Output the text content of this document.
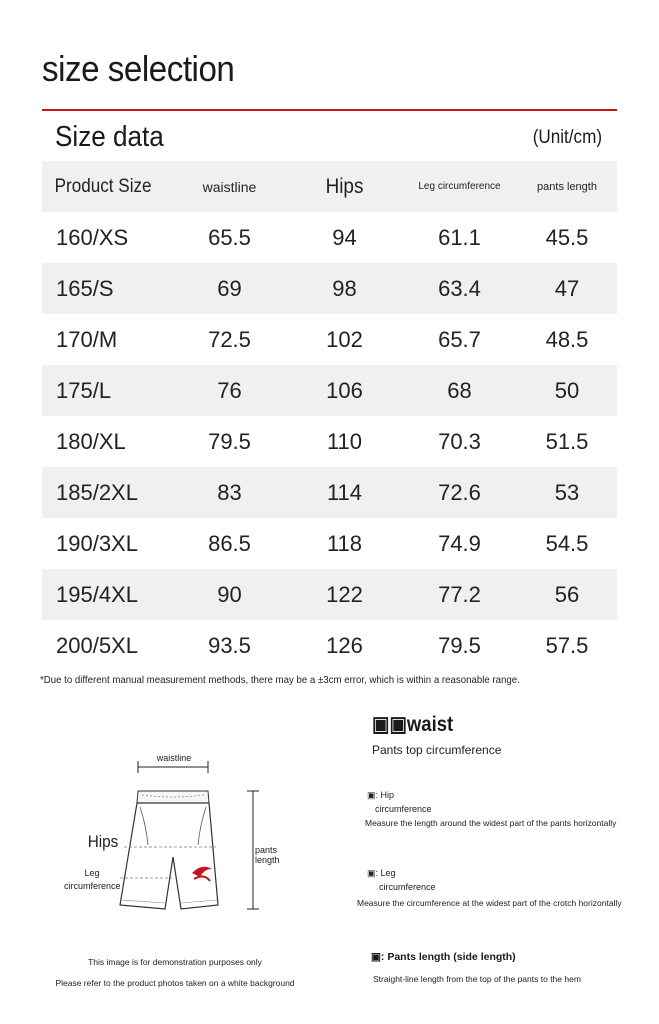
size selection
Size data	(Unit/cm)
Product Size	waistline	Hips	Leg circumference	pants length
160/XS	65.5	94	61.1	45.5
165/S	69	98	63.4	47
170/M	72.5	102	65.7	48.5
175/L	76	106	68	50
180/XL	79.5	110	70.3	51.5
185/2XL	83	114	72.6	53
190/3XL	86.5	118	74.9	54.5
195/4XL	90	122	77.2	56
200/5XL	93.5	126	79.5	57.5
*Due to different manual measurement methods, there may be a ±3cm error, which is within a reasonable range.
waistline
Hips
Leg
circumference
pants length
This image is for demonstration purposes only
Please refer to the product photos taken on a white background
▣▣waist
Pants top circumference
▣: Hip
circumference
Measure the length around the widest part of the pants horizontally
▣: Leg
circumference
Measure the circumference at the widest part of the crotch horizontally
▣: Pants length (side length)
Straight-line length from the top of the pants to the hem
